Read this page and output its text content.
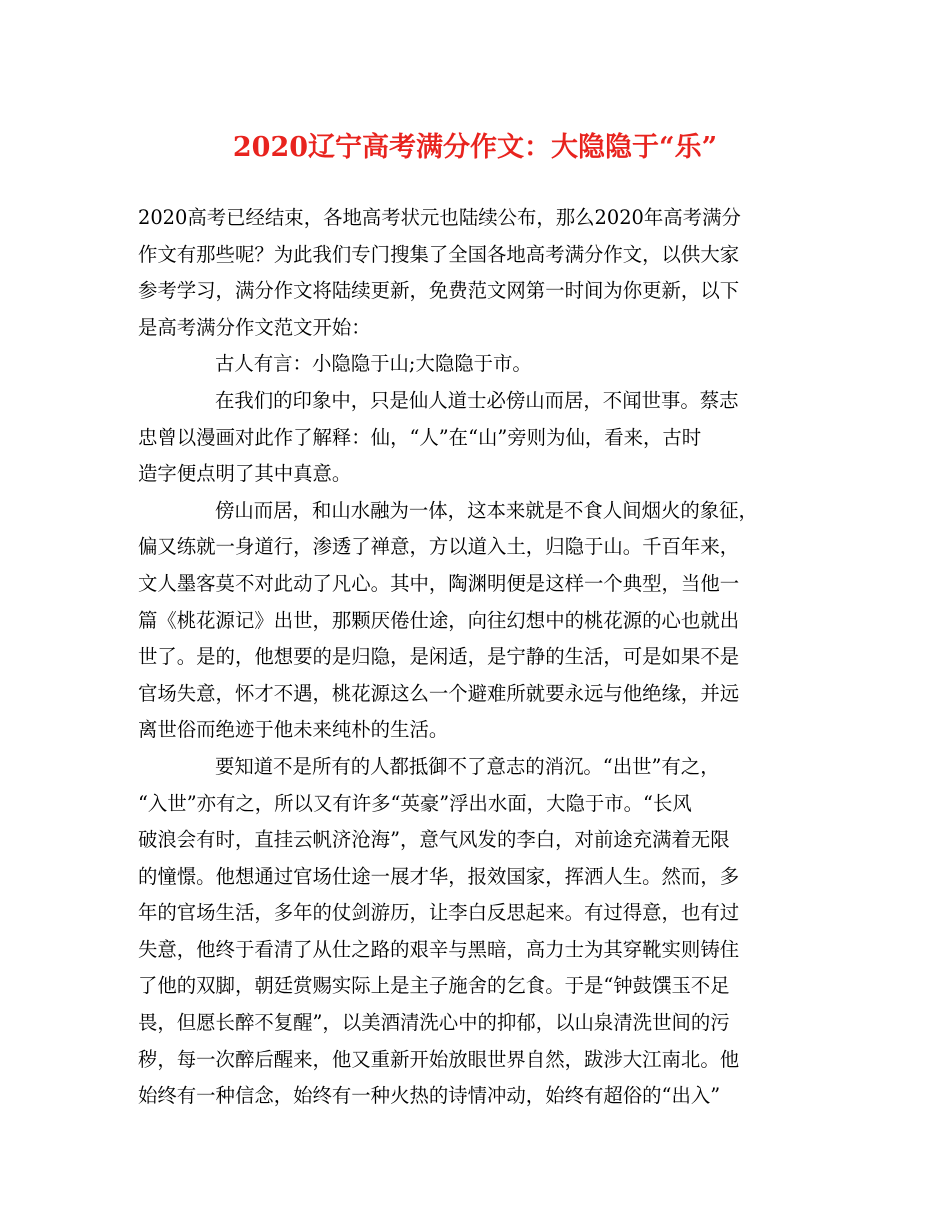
2020辽宁高考满分作文：大隐隐于“乐”

2020高考已经结束，各地高考状元也陆续公布，那么2020年高考满分
作文有那些呢？为此我们专门搜集了全国各地高考满分作文，以供大家
参考学习，满分作文将陆续更新，免费范文网第一时间为你更新，以下
是高考满分作文范文开始：

古人有言：小隐隐于山;大隐隐于市。

在我们的印象中，只是仙人道士必傍山而居，不闻世事。蔡志
忠曾以漫画对此作了解释：仙，“人”在“山”旁则为仙，看来，古时
造字便点明了其中真意。

傍山而居，和山水融为一体，这本来就是不食人间烟火的象征，
偏又练就一身道行，渗透了禅意，方以道入土，归隐于山。千百年来，
文人墨客莫不对此动了凡心。其中，陶渊明便是这样一个典型，当他一
篇《桃花源记》出世，那颗厌倦仕途，向往幻想中的桃花源的心也就出
世了。是的，他想要的是归隐，是闲适，是宁静的生活，可是如果不是
官场失意，怀才不遇，桃花源这么一个避难所就要永远与他绝缘，并远
离世俗而绝迹于他未来纯朴的生活。

要知道不是所有的人都抵御不了意志的消沉。“出世”有之，
“入世”亦有之，所以又有许多“英豪”浮出水面，大隐于市。“长风
破浪会有时，直挂云帆济沧海”，意气风发的李白，对前途充满着无限
的憧憬。他想通过官场仕途一展才华，报效国家，挥洒人生。然而，多
年的官场生活，多年的仗剑游历，让李白反思起来。有过得意，也有过
失意，他终于看清了从仕之路的艰辛与黑暗，高力士为其穿靴实则铸住
了他的双脚，朝廷赏赐实际上是主子施舍的乞食。于是“钟鼓馔玉不足
畏，但愿长醉不复醒”，以美酒清洗心中的抑郁，以山泉清洗世间的污
秽，每一次醉后醒来，他又重新开始放眼世界自然，跋涉大江南北。他
始终有一种信念，始终有一种火热的诗情冲动，始终有超俗的“出入”
